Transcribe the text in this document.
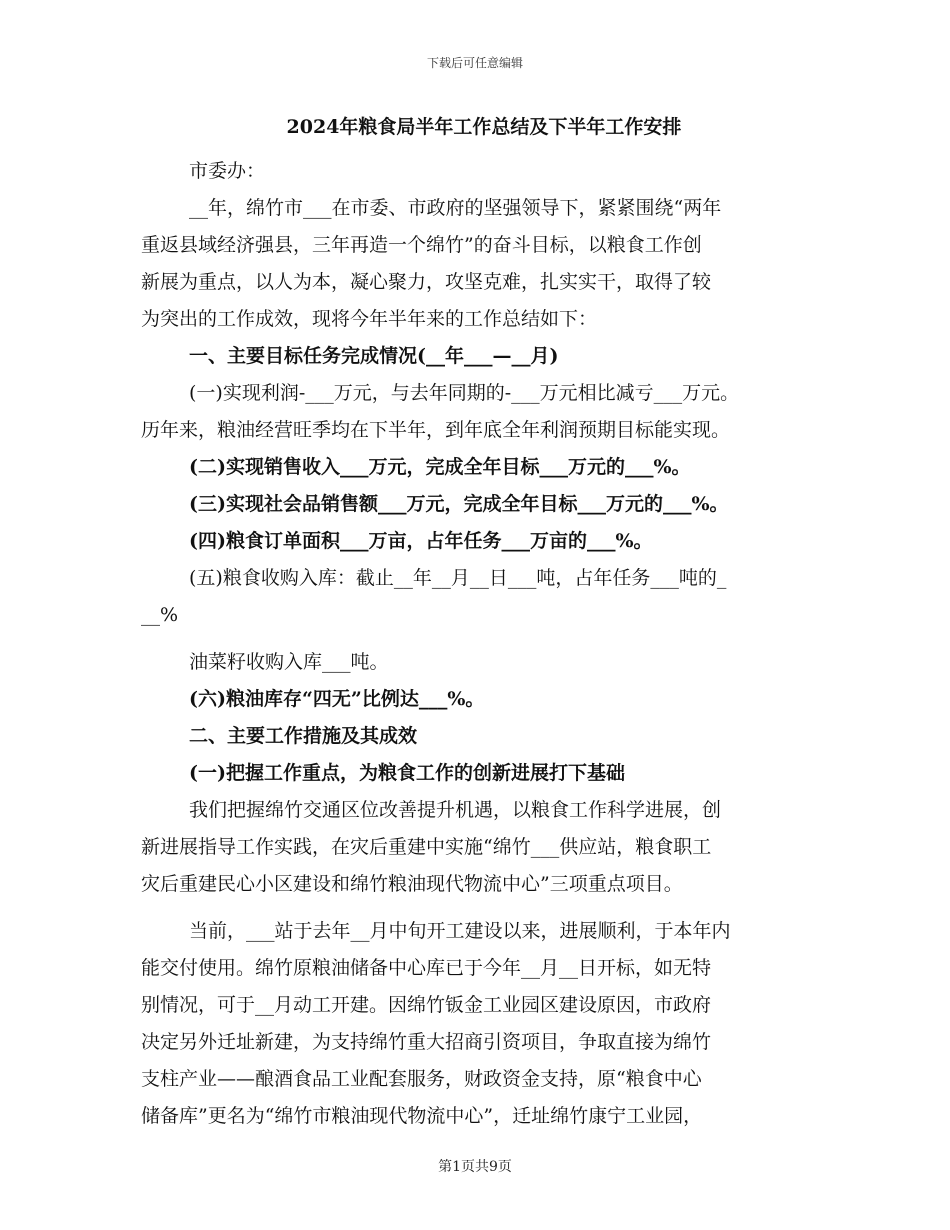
下载后可任意编辑
2024年粮食局半年工作总结及下半年工作安排
市委办：
__年，绵竹市___在市委、市政府的坚强领导下，紧紧围绕“两年
重返县域经济强县，三年再造一个绵竹”的奋斗目标，以粮食工作创
新展为重点，以人为本，凝心聚力，攻坚克难，扎实实干，取得了较
为突出的工作成效，现将今年半年来的工作总结如下：
一、主要目标任务完成情况(__年___—__月)
(一)实现利润-___万元，与去年同期的-___万元相比减亏___万元。
历年来，粮油经营旺季均在下半年，到年底全年利润预期目标能实现。
(二)实现销售收入___万元，完成全年目标___万元的___%。
(三)实现社会品销售额___万元，完成全年目标___万元的___%。
(四)粮食订单面积___万亩，占年任务___万亩的___%。
(五)粮食收购入库：截止__年__月__日___吨，占年任务___吨的_
__%
油菜籽收购入库___吨。
(六)粮油库存“四无”比例达___%。
二、主要工作措施及其成效
(一)把握工作重点，为粮食工作的创新进展打下基础
我们把握绵竹交通区位改善提升机遇，以粮食工作科学进展，创
新进展指导工作实践，在灾后重建中实施“绵竹___供应站，粮食职工
灾后重建民心小区建设和绵竹粮油现代物流中心”三项重点项目。
当前，___站于去年__月中旬开工建设以来，进展顺利，于本年内
能交付使用。绵竹原粮油储备中心库已于今年__月__日开标，如无特
别情况，可于__月动工开建。因绵竹钣金工业园区建设原因，市政府
决定另外迁址新建，为支持绵竹重大招商引资项目，争取直接为绵竹
支柱产业——酿酒食品工业配套服务，财政资金支持，原“粮食中心
储备库”更名为“绵竹市粮油现代物流中心”，迁址绵竹康宁工业园，
第1页共9页
